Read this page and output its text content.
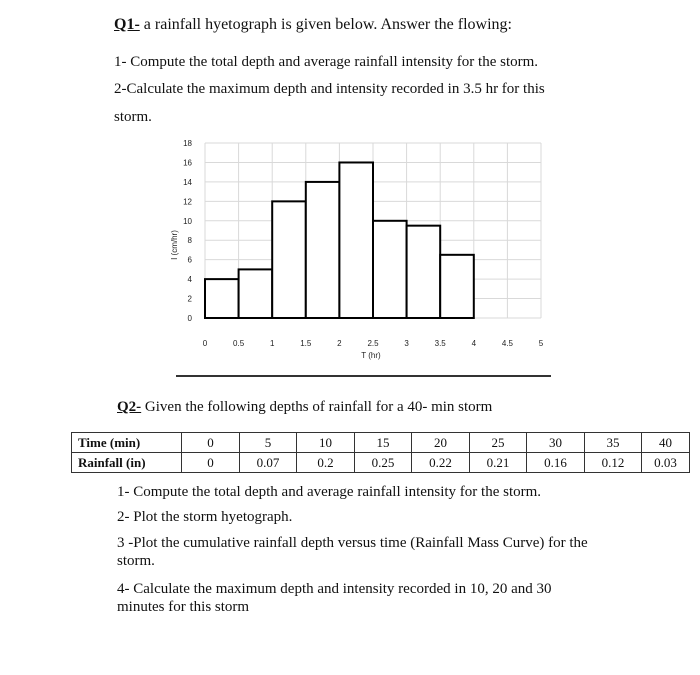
Q1- a rainfall hyetograph is given below. Answer the flowing:
1- Compute the total depth and average rainfall intensity for the storm.
2-Calculate the maximum depth and intensity recorded in 3.5 hr for this
storm.
0
2
4
6
8
10
12
14
16
18
0	0.5	1	1.5	2	2.5	3	3.5	4	4.5	5
T (hr)
I (cm/hr)
Q2- Given the following depths of rainfall for a 40- min storm
Time (min)	0	5	10	15	20	25	30	35	40
Rainfall (in)	0	0.07	0.2	0.25	0.22	0.21	0.16	0.12	0.03
1- Compute the total depth and average rainfall intensity for the storm.
2- Plot the storm hyetograph.
3 -Plot the cumulative rainfall depth versus time (Rainfall Mass Curve) for the storm.
4- Calculate the maximum depth and intensity recorded in 10, 20 and 30 minutes for this storm
